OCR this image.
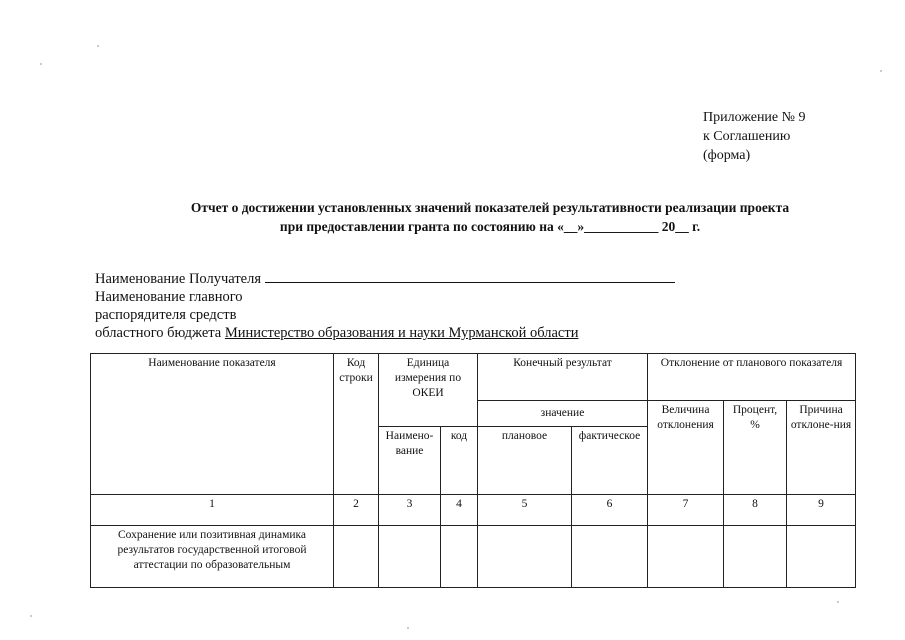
Приложение № 9
к Соглашению
(форма)
Отчет о достижении установленных значений показателей результативности реализации проекта
при предоставлении гранта по состоянию на «__»___________ 20__ г.
Наименование Получателя
Наименование главного
распорядителя средств
областного бюджета Министерство образования и науки Мурманской области
Наименование показателя	Код строки	Единица измерения по ОКЕИ		Конечный результат		Отклонение от планового показателя		
				значение		Величина отклонения	Процент, %	Причина отклоне-ния
		Наимено-вание	код	плановое	фактическое			
1	2	3	4	5	6	7	8	9
Сохранение или позитивная динамика результатов государственной итоговой аттестации по образовательным								
